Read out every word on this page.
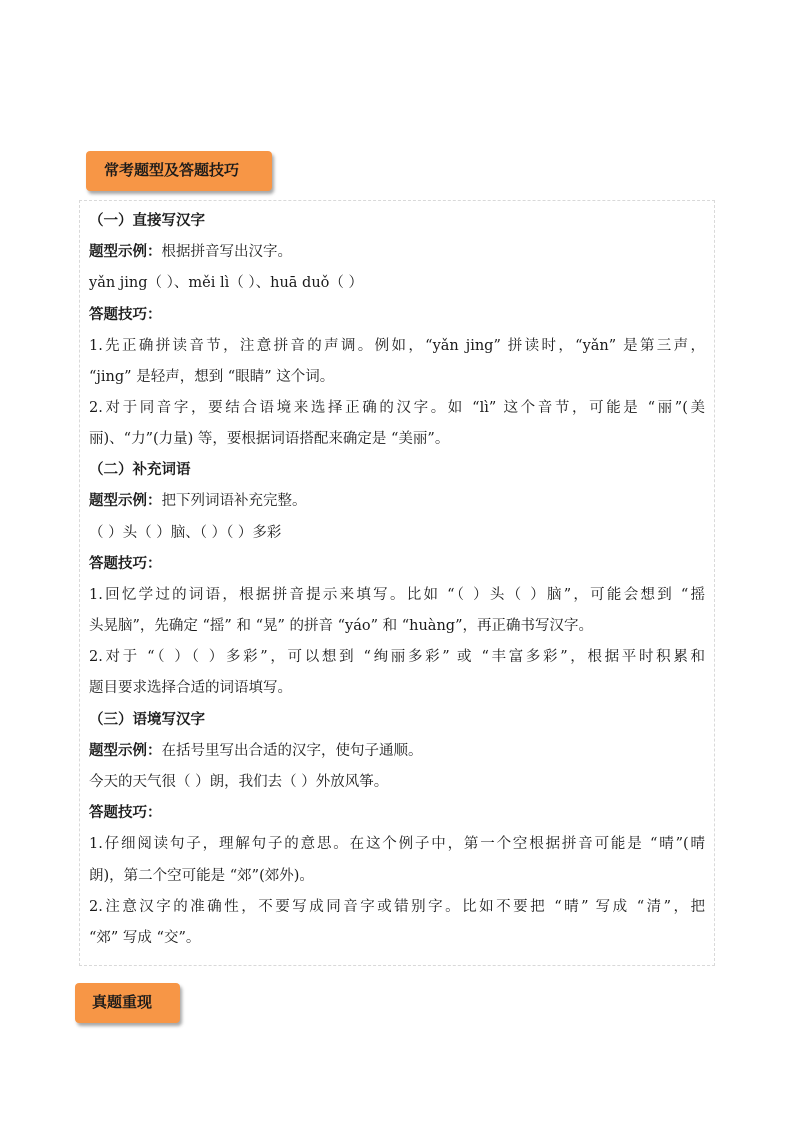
常考题型及答题技巧
（一）直接写汉字
题型示例：根据拼音写出汉字。
yǎn jing（ ）、měi lì（ ）、huā duǒ（ ）
答题技巧：
1.先正确拼读音节，注意拼音的声调。例如，“yǎn jing” 拼读时，“yǎn” 是第三声，
“jing” 是轻声，想到 “眼睛” 这个词。
2.对于同音字，要结合语境来选择正确的汉字。如 “lì” 这个音节，可能是 “丽”(美
丽)、“力”(力量) 等，要根据词语搭配来确定是 “美丽”。
（二）补充词语
题型示例：把下列词语补充完整。
（ ）头（ ）脑、（ ）（ ）多彩
答题技巧：
1.回忆学过的词语，根据拼音提示来填写。比如 “（ ）头（ ）脑”，可能会想到 “摇
头晃脑”，先确定 “摇” 和 “晃” 的拼音 “yáo” 和 “huàng”，再正确书写汉字。
2.对于 “（ ）（ ）多彩”，可以想到 “绚丽多彩” 或 “丰富多彩”，根据平时积累和
题目要求选择合适的词语填写。
（三）语境写汉字
题型示例：在括号里写出合适的汉字，使句子通顺。
今天的天气很（ ）朗，我们去（ ）外放风筝。
答题技巧：
1.仔细阅读句子，理解句子的意思。在这个例子中，第一个空根据拼音可能是 “晴”(晴
朗)，第二个空可能是 “郊”(郊外)。
2.注意汉字的准确性，不要写成同音字或错别字。比如不要把 “晴” 写成 “清”，把
“郊” 写成 “交”。
真题重现
